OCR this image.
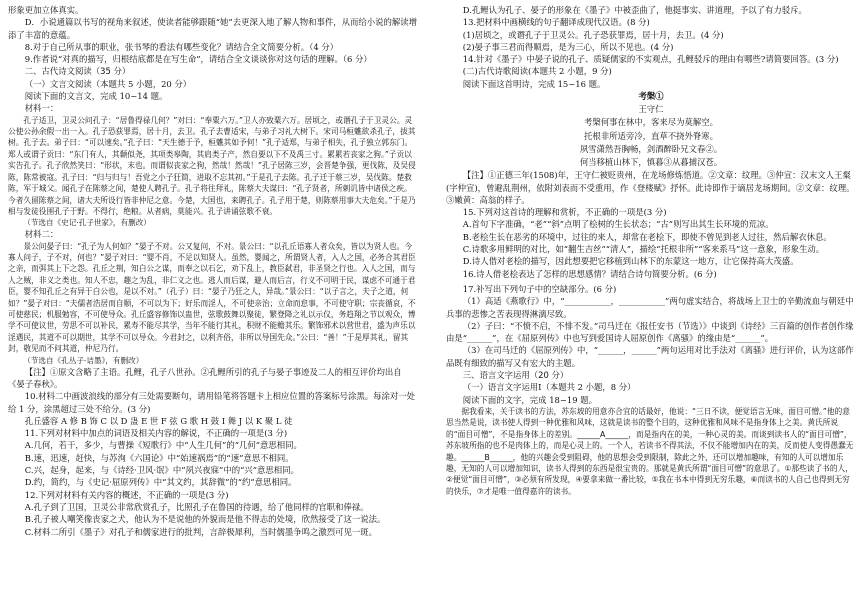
形象更加立体真实。

D．小说通篇以书写的视角来叙述，使读者能够跟随“她”去更深入地了解人物和事件，从而给小说的解读增添了丰富的意蕴。

8.对于自己所从事的职业，张书琴的看法有哪些变化？请结合全文简要分析。（4 分）

9.作者说“对真的描写，归根结底都是在写生命”，请结合全文谈谈你对这句话的理解。（6 分）

二、古代诗文阅读（35 分）

（一）文言文阅读（本题共 5 小题，20 分）

阅读下面的文言文，完成 10~14 题。

材料一：

孔子适卫，卫灵公问孔子：“居鲁得禄几何？”对曰：“奉粟六万。”卫人亦致粟六万。居顷之，或谮孔子于卫灵公。灵公使公孙余假一出一入。孔子恐获罪焉，居十月，去卫。孔子去曹适宋，与弟子习礼大树下。宋司马桓魋欲杀孔子，拔其树。孔子去。弟子曰：“可以速矣。”孔子曰：“天生德于予，桓魋其如予何！”孔子适郑，与弟子相失，孔子独立郭东门。郑人或谓子贡曰：“东门有人，其颡似尧，其项类皋陶，其肩类子产，然自要以下不及禹三寸。累累若丧家之狗。”子贡以实告孔子。孔子欣然笑曰：“形状，末也。而谓似丧家之狗，然哉！然哉！”孔子居陈三岁，会晋楚争强，更伐陈，及吴侵陈，陈常被寇。孔子曰：“归与归与！吾党之小子狂简，进取不忘其初。”于是孔子去陈。孔子迁于蔡三岁，吴伐陈。楚救陈，军于城父。闻孔子在陈蔡之间，楚使人聘孔子。孔子将往拜礼，陈蔡大夫谋曰：“孔子贤者，所刺讥皆中诸侯之疾。今者久留陈蔡之间，诸大夫所设行皆非仲尼之意。今楚，大国也，来聘孔子。孔子用于楚，则陈蔡用事大夫危矣。”于是乃相与发徒役围孔子于野。不得行，绝粮。从者病，莫能兴。孔子讲诵弦歌不衰。

（节选自《史记·孔子世家》，有删改）

材料二：

景公问晏子曰：“孔子为人何如？”晏子不对。公又复问，不对。景公曰：“以孔丘语寡人者众矣，皆以为贤人也。今寡人问子，子不对，何也？”晏子对曰：“婴不肖，不足以知贤人。虽然，婴闻之，所谓贤人者，入人之国，必务合其君臣之亲，而弭其上下之怨。孔丘之荆，知白公之谋，而奉之以石乞，劝下乱上，教臣弑君，非圣贤之行也。入人之国，而与人之贼，非义之类也。知人不忠，趣之为乱，非仁义之也。逃人而后谋，避人而后言，行义不可明于民，谋虑不可通于君臣，婴不知孔丘之有异于白公也，是以不对。”（孔子）曰：“晏子乃狂之人，异哉。”景公曰：“以子言之，夫子之道，何如？”晏子对曰：“夫儒者浩居而自顺，不可以为下；好乐而淫人，不可使亲治；立命而怠事，不可使守职；宗丧循哀，不可使慈民；机服勉容，不可使导众。孔丘盛容修饰以蛊世，弦歌鼓舞以聚徒，繁登降之礼以示仪，务趋翔之节以观众，博学不可使议世，劳思不可以补民，累寿不能尽其学，当年不能行其礼，积财不能赡其乐。繁饰邪术以营世君，盛为声乐以淫遇民，其道不可以期世，其学不可以导众。今君封之，以利齐俗，非所以导国先众。”公曰：“善！”于是厚其礼，留其封，敬见而不问其道，仲尼乃行。

（节选自《孔丛子·诘墨》，有删改）

【注】①原文含略了主语。孔鲤，孔子八世孙。②孔鲤所引的孔子与晏子事迹及二人的相互评价均出自《晏子春秋》。

10.材料二中画波浪线的部分有三处需要断句，请用铅笔将答题卡上相应位置的答案标号涂黑。每涂对一处给 1 分，涂黑超过三处不给分。(3 分)

孔丘盛容 A 修 B 饰 C 以 D 蛊 E 世 F 弦 G 歌 H 鼓 I 舞 J 以 K 聚 L 徒

11.下列对材料中加点的词语及相关内容的解说，不正确的一项是(3 分)

A.几何，若干，多少，与曹操《短歌行》中“人生几何”的“几何”意思相同。

B.速，迅速，赶快，与苏洵《六国论》中“始速祸焉”的“速”意思不相同。

C.兴，起身，起来，与《诗经·卫风·氓》中“夙兴夜寐”中的“兴”意思相同。

D.约，简约，与《史记·屈原列传》中“其文约，其辞微”的“约”意思相同。

12.下列对材料有关内容的概述，不正确的一项是(3 分)

A.孔子到了卫国，卫灵公非常欣赏孔子，比照孔子在鲁国的待遇，给了他同样的官职和俸禄。

B.孔子被人嘲笑像丧家之犬，他认为不是说他的外貌而是他不得志的处境，欣然接受了这一说法。

C.材料二所引《墨子》对孔子和儒家进行的批判，言辞极犀利，当时儒墨争鸣之激烈可见一斑。

D.孔鲤认为孔子、晏子的形象在《墨子》中被歪曲了，他挺事实、讲道理，予以了有力驳斥。

13.把材料中画横线的句子翻译成现代汉语。(8 分)

(1)居顷之，或谮孔子于卫灵公。孔子恐获罪焉，居十月，去卫。(4 分)

(2)晏子事三君而得顺焉，是为三心，所以不见也。(4 分)

14.针对《墨子》中晏子说的孔子、质疑儒家的不实观点，孔鲤驳斥的理由有哪些?请简要回答。(3 分)

(二)古代诗歌阅读(本题共 2 小题，9 分)

阅读下面这首明诗，完成 15~16 题。

考槃①

王守仁

考槃何事在林中，客来尽为莫解空。

托根非所适旁冷，直草不挠外脊寒。

夙雪潇然吾胸畅，剑酒醉卧兄文春②。

何当移植山林下，慎暮③从暮捕汉苍。

【注】①正德三年(1508)年，王守仁被贬贵州，在龙场修炼悟道。②文章：纹理。③仲宣：汉末文人王粲(字仲宣)，曾避乱荆州，依附刘表而不受重用，作《登楼赋》抒怀。此诗即作于谪居龙场期间。②文章：纹理。③嫩黄：高翁的样子。

15.下列对这首诗的理解和赏析，不正确的一项是(3 分)

A.首句下字准确，“老”“斜”点明了桧树的生长状态；“古”则写出其生长环境的荒凉。

B.老桧生长在恶劣的环境中，过往的来人，却常在老桧下，即使不曾见到老人过往，然后解衣休息。

C.诗歌多用鲜明的对比，如“翻生吉丝”“清人”，描绘“托根非所”“客来系马”这一意象，形象生动。

D.诗人借对老桧的描写，因此想要把它移植到山林下的东蒙这一地方，让它保持高大茂盛。

16.诗人借老桧表达了怎样的思想感情？请结合诗句简要分析。(6 分)

17.补写出下列句子中的空缺部分。(6 分)

（1）高适《燕歌行》中，“___________，___________”两句虚实结合，将战场上卫士的辛勤流血与朝廷中兵事的悲惨之苦表现得淋漓尽致。

（2）子曰：“不愤不启，不悱不发。”司马迁在《报任安书（节选）》中谈到《诗经》三百篇的创作者创作缘由是“______”，在《屈原列传》中也写到爱国诗人屈原创作《离骚》的缘由是“______”。

（3）在司马迁的《屈原列传》中，“______，______”两句运用对比手法对《离骚》进行评价，认为这部作品既有细致的描写又有宏大的主题。

三、语言文字运用（20 分）

（一）语言文字运用Ⅰ（本题共 2 小题，8 分）

阅读下面的文字，完成 18~19 题。

据我看来，关于读书的方法，苏东坡的用意亦合宜的话最好，他说：“三日不读，便觉语言无味，面目可憎。”他的意思当然是说，读书使人得到一种优雅和风味，这就是读书的整个目的，这种优雅和风味不是指身体上之美。黄氏所说的“面目可憎”，不是指身体上的差别。______A______，而是指内在的美，一种心灵的美。而谈到读书人的“面目可憎”，苏东坡所指的也不是肉体上的，而是心灵上的。一个人，若读书不得其法，不仅不能增加内在的美，反而使人变得愚蠢无趣。______B______，他的兴趣会受到阻碍，他的思想会受到限制，除此之外，还可以增加趣味，有知的人可以增加乐趣，无知的人可以增加知识，读书人得到的东西是很宝贵的。那就是黄氏所谓“面目可憎”的意思了。①那些读了书的人，②便觉“面目可憎”，③必须有所发现，④要拿来做一番比较，⑤我在书本中得到无穷乐趣，⑥而读书的人自己也得到无穷的快乐，⑦才是唯一值得嘉许的读书。
